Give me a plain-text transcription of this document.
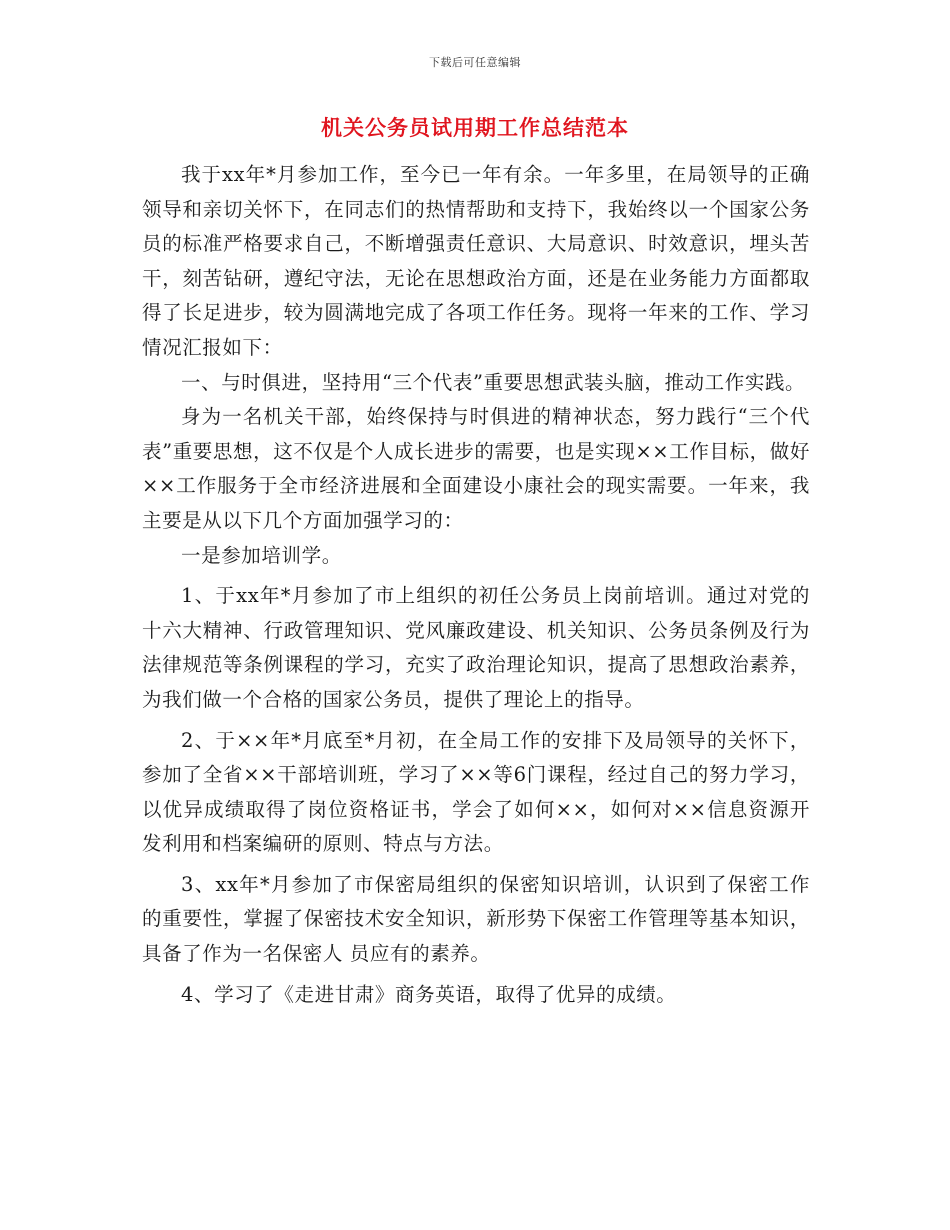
下载后可任意编辑
机关公务员试用期工作总结范本

我于xx年*月参加工作，至今已一年有余。一年多里，在局领导的正确领导和亲切关怀下，在同志们的热情帮助和支持下，我始终以一个国家公务员的标准严格要求自己，不断增强责任意识、大局意识、时效意识，埋头苦干，刻苦钻研，遵纪守法，无论在思想政治方面，还是在业务能力方面都取得了长足进步，较为圆满地完成了各项工作任务。现将一年来的工作、学习情况汇报如下：

一、与时俱进，坚持用“三个代表”重要思想武装头脑，推动工作实践。

身为一名机关干部，始终保持与时俱进的精神状态，努力践行“三个代表”重要思想，这不仅是个人成长进步的需要，也是实现××工作目标，做好××工作服务于全市经济进展和全面建设小康社会的现实需要。一年来，我主要是从以下几个方面加强学习的：

一是参加培训学。

1、于xx年*月参加了市上组织的初任公务员上岗前培训。通过对党的十六大精神、行政管理知识、党风廉政建设、机关知识、公务员条例及行为法律规范等条例课程的学习，充实了政治理论知识，提高了思想政治素养，为我们做一个合格的国家公务员，提供了理论上的指导。

2、于××年*月底至*月初，在全局工作的安排下及局领导的关怀下，参加了全省××干部培训班，学习了××等6门课程，经过自己的努力学习，以优异成绩取得了岗位资格证书，学会了如何××，如何对××信息资源开发利用和档案编研的原则、特点与方法。

3、xx年*月参加了市保密局组织的保密知识培训，认识到了保密工作的重要性，掌握了保密技术安全知识，新形势下保密工作管理等基本知识，具备了作为一名保密人 员应有的素养。

4、学习了《走进甘肃》商务英语，取得了优异的成绩。
